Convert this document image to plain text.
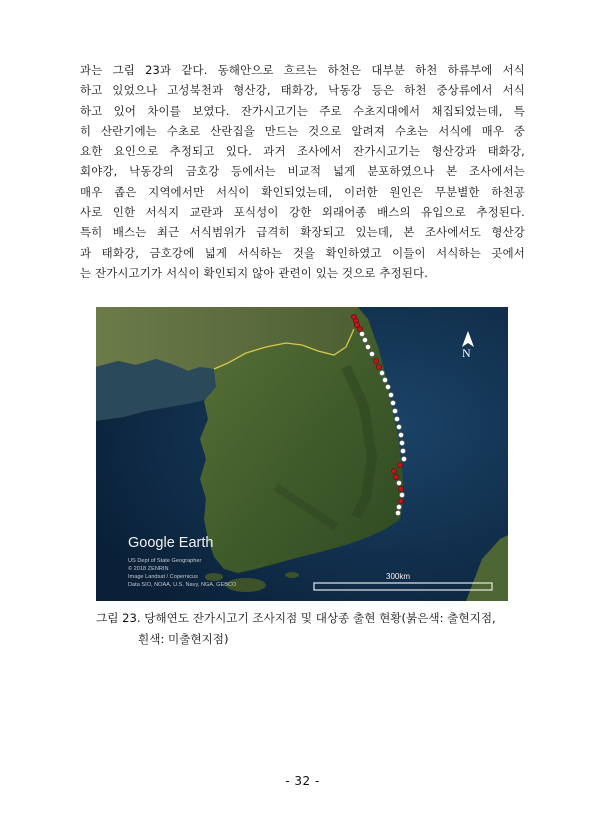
과는 그림 23과 같다. 동해안으로 흐르는 하천은 대부분 하천 하류부에 서식
하고 있었으나 고성북천과 형산강, 태화강, 낙동강 등은 하천 중상류에서 서식
하고 있어 차이를 보였다. 잔가시고기는 주로 수초지대에서 채집되었는데, 특
히 산란기에는 수초로 산란집을 만드는 것으로 알려져 수초는 서식에 매우 중
요한 요인으로 추정되고 있다. 과거 조사에서 잔가시고기는 형산강과 태화강,
회야강, 낙동강의 금호강 등에서는 비교적 넓게 분포하였으나 본 조사에서는
매우 좁은 지역에서만 서식이 확인되었는데, 이러한 원인은 무분별한 하천공
사로 인한 서식지 교란과 포식성이 강한 외래어종 배스의 유입으로 추정된다.
특히 배스는 최근 서식범위가 급격히 확장되고 있는데, 본 조사에서도 형산강
과 태화강, 금호강에 넓게 서식하는 것을 확인하였고 이들이 서식하는 곳에서
는 잔가시고기가 서식이 확인되지 않아 관련이 있는 것으로 추정된다.
Google Earth
US Dept of State Geographer
© 2018 ZENRIN
Image Landsat / Copernicus
Data SIO, NOAA, U.S. Navy, NGA, GEBCO
300km
N
그림 23. 당해연도 잔가시고기 조사지점 및 대상종 출현 현황(붉은색: 출현지점,
흰색: 미출현지점)
- 32 -
